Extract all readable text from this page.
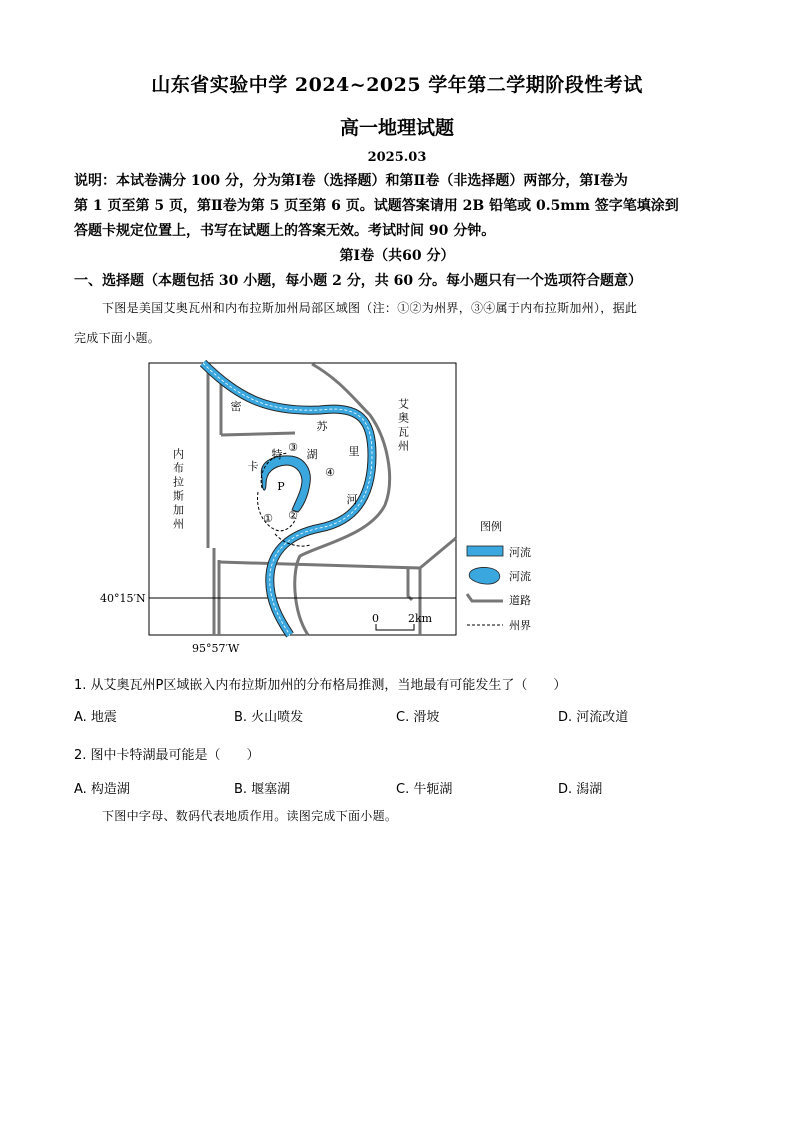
山东省实验中学 2024~2025 学年第二学期阶段性考试
高一地理试题
2025.03
说明：本试卷满分 100 分，分为第Ⅰ卷（选择题）和第Ⅱ卷（非选择题）两部分，第Ⅰ卷为
第 1 页至第 5 页，第Ⅱ卷为第 5 页至第 6 页。试题答案请用 2B 铅笔或 0.5mm 签字笔填涂到
答题卡规定位置上，书写在试题上的答案无效。考试时间 90 分钟。
第Ⅰ卷（共60 分）
一、选择题（本题包括 30 小题，每小题 2 分，共 60 分。每小题只有一个选项符合题意）
下图是美国艾奥瓦州和内布拉斯加州局部区域图（注：①②为州界，③④属于内布拉斯加州），据此
完成下面小题。
密
苏
里
河
卡
特 湖
P
① ②
③
④
艾奥瓦州
内布拉斯加州
40°15′N
95°57′W
0	2km
图例
河流
河流
道路
州界
1. 从艾奥瓦州P区域嵌入内布拉斯加州的分布格局推测，当地最有可能发生了（　　）
A. 地震	B. 火山喷发	C. 滑坡	D. 河流改道
2. 图中卡特湖最可能是（　　）
A. 构造湖	B. 堰塞湖	C. 牛轭湖	D. 潟湖
下图中字母、数码代表地质作用。读图完成下面小题。
